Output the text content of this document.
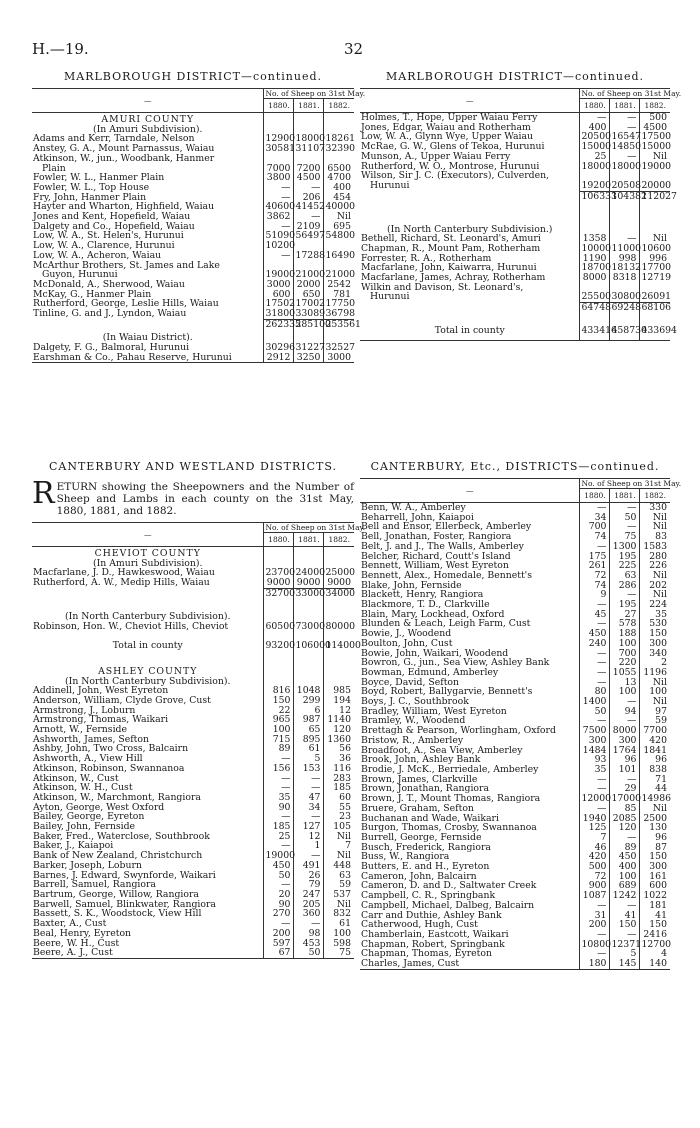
H.—19.	32
MARLBOROUGH DISTRICT—continued.
—	No. of Sheep on 31st May.		
	1880.	1881.	1882.

AMURI COUNTY			
(In Amuri Subdivision).			
Adams and Kerr, Tarndale, Nelson	12900	18000	18261
Anstey, G. A., Mount Parnassus, Waiau	30581	31107	32390
Atkinson, W., jun., Woodbank, Hanmer			
Plain	7000	7200	6500
Fowler, W. L., Hanmer Plain	3800	4500	4700
Fowler, W. L., Top House	—	—	400
Fry, John, Hanmer Plain	—	206	454
Hayter and Wharton, Highfield, Waiau	40600	41452	40000
Jones and Kent, Hopefield, Waiau	3862	—	Nil
Dalgety and Co., Hopefield, Waiau	—	2109	695
Low, W. A., St. Helen's, Hurunui	51090	56497	54800
Low, W. A., Clarence, Hurunui	10200		
Low, W. A., Acheron, Waiau	—	17288	16490
McArthur Brothers, St. James and Lake			
Guyon, Hurunui	19000	21000	21000
McDonald, A., Sherwood, Waiau	3000	2000	2542
McKay, G., Hanmer Plain	600	650	781
Rutherford, George, Leslie Hills, Waiau	17502	17002	17750
Tinline, G. and J., Lyndon, Waiau	31800	33089	36798
	262335	285100	253561
(In Waiau District).			
Dalgety, F. G., Balmoral, Hurunui	30296	31227	32527
Earshman & Co., Pahau Reserve, Hurunui	2912	3250	3000
MARLBOROUGH DISTRICT—continued.
—	No. of Sheep on 31st May.		
	1880.	1881.	1882.

Holmes, T., Hope, Upper Waiau Ferry	—	—	500
Jones, Edgar, Waiau and Rotherham	400	—	4500
Low, W. A., Glynn Wye, Upper Waiau	20500	16547	17500
McRae, G. W., Glens of Tekoa, Hurunui	15000	14850	15000
Munson, A., Upper Waiau Ferry	25	—	Nil
Rutherford, W. O., Montrose, Hurunui	18000	18000	19000
Wilson, Sir J. C. (Executors), Culverden,			
Hurunui	19200	20508	20000
	106333	104382	112027

(In North Canterbury Subdivision.)			
Bethell, Richard, St. Leonard's, Amuri	1358	—	Nil
Chapman, R., Mount Pam, Rotherham	10000	11000	10600
Forrester, R. A., Rotherham	1190	998	996
Macfarlane, John, Kaiwarra, Hurunui	18700	18132	17700
Macfarlane, James, Achray, Rotherham	8000	8318	12719
Wilkin and Davison, St. Leonard's,			
Hurunui	25500	30800	26091
	64748	69248	68106

Total in county	433416	458730	433694
CANTERBURY AND WESTLAND DISTRICTS.
RETURN showing the Sheepowners and the Number of Sheep and Lambs in each county on the 31st May, 1880, 1881, and 1882.
—	No. of Sheep on 31st May.		
	1880.	1881.	1882.

CHEVIOT COUNTY			
(In Amuri Subdivision).			
Macfarlane, J. D., Hawkeswood, Waiau	23700	24000	25000
Rutherford, A. W., Medip Hills, Waiau	9000	9000	9000
	32700	33000	34000

(In North Canterbury Subdivision).			
Robinson, Hon. W., Cheviot Hills, Cheviot	60500	73000	80000

Total in county	93200	106000	114000

ASHLEY COUNTY			
(In North Canterbury Subdivision).			
Addinell, John, West Eyreton	816	1048	985
Anderson, William, Clyde Grove, Cust	150	299	194
Armstrong, J., Loburn	22	6	12
Armstrong, Thomas, Waikari	965	987	1140
Arnott, W., Fernside	100	65	120
Ashworth, James, Sefton	715	895	1360
Ashby, John, Two Cross, Balcairn	89	61	56
Ashworth, A., View Hill	—	5	36
Atkinson, Robinson, Swannanoa	156	153	116
Atkinson, W., Cust	—	—	283
Atkinson, W. H., Cust	—	—	185
Atkinson, W., Marchmont, Rangiora	35	47	60
Ayton, George, West Oxford	90	34	55
Bailey, George, Eyreton	—	—	23
Bailey, John, Fernside	185	127	105
Baker, Fred., Waterclose, Southbrook	25	12	Nil
Baker, J., Kaiapoi	—	1	7
Bank of New Zealand, Christchurch	19000	—	Nil
Barker, Joseph, Loburn	450	491	448
Barnes, J. Edward, Swynforde, Waikari	50	26	63
Barrell, Samuel, Rangiora	—	79	59
Bartrum, George, Willow, Rangiora	20	247	537
Barwell, Samuel, Blinkwater, Rangiora	90	205	Nil
Bassett, S. K., Woodstock, View Hill	270	360	832
Baxter, A., Cust	—	—	61
Beal, Henry, Eyreton	200	98	100
Beere, W. H., Cust	597	453	598
Beere, A. J., Cust	67	50	75
CANTERBURY, Etc., DISTRICTS—continued.
—	No. of Sheep on 31st May.		
	1880.	1881.	1882.

Benn, W. A., Amberley	—	—	330
Beharrell, John, Kaiapoi	34	50	Nil
Bell and Ensor, Ellerbeck, Amberley	700	—	Nil
Bell, Jonathan, Foster, Rangiora	74	75	83
Belt, J. and J., The Walls, Amberley	—	1300	1583
Belcher, Richard, Coutt's Island	175	195	280
Bennett, William, West Eyreton	261	225	226
Bennett, Alex., Homedale, Bennett's	72	63	Nil
Blake, John, Fernside	74	286	202
Blackett, Henry, Rangiora	9	—	Nil
Blackmore, T. D., Clarkville	—	195	224
Blain, Mary, Lockhead, Oxford	45	27	35
Blunden & Leach, Leigh Farm, Cust	—	578	530
Bowie, J., Woodend	450	188	150
Boulton, John, Cust	240	100	300
Bowie, John, Waikari, Woodend	—	700	340
Bowron, G., jun., Sea View, Ashley Bank	—	220	2
Bowman, Edmund, Amberley	—	1055	1196
Boyce, David, Sefton	—	13	Nil
Boyd, Robert, Ballygarvie, Bennett's	80	100	100
Boys, J. C., Southbrook	1400	—	Nil
Bradley, William, West Eyreton	50	94	97
Bramley, W., Woodend	—	—	59
Brettagh & Pearson, Worlingham, Oxford	7500	8000	7700
Bristow, R., Amberley	300	300	420
Broadfoot, A., Sea View, Amberley	1484	1764	1841
Brook, John, Ashley Bank	93	96	96
Brodie, J. McK., Berriedale, Amberley	35	101	838
Brown, James, Clarkville	—	—	71
Brown, Jonathan, Rangiora	—	29	44
Brown, J. T., Mount Thomas, Rangiora	12000	17000	14986
Bruere, Graham, Sefton	—	85	Nil
Buchanan and Wade, Waikari	1940	2085	2500
Burgon, Thomas, Crosby, Swannanoa	125	120	130
Burrell, George, Fernside	7	—	96
Busch, Frederick, Rangiora	46	89	87
Buss, W., Rangiora	420	450	150
Butters, E. and H., Eyreton	500	400	300
Cameron, John, Balcairn	72	100	161
Cameron, D. and D., Saltwater Creek	900	689	600
Campbell, C. R., Springbank	1087	1242	1022
Campbell, Michael, Dalbeg, Balcairn	—	—	181
Carr and Duthie, Ashley Bank	31	41	41
Catherwood, Hugh, Cust	200	150	150
Chamberlain, Eastcott, Waikari	—	—	2416
Chapman, Robert, Springbank	10800	12371	12700
Chapman, Thomas, Eyreton	—	5	4
Charles, James, Cust	180	145	140
